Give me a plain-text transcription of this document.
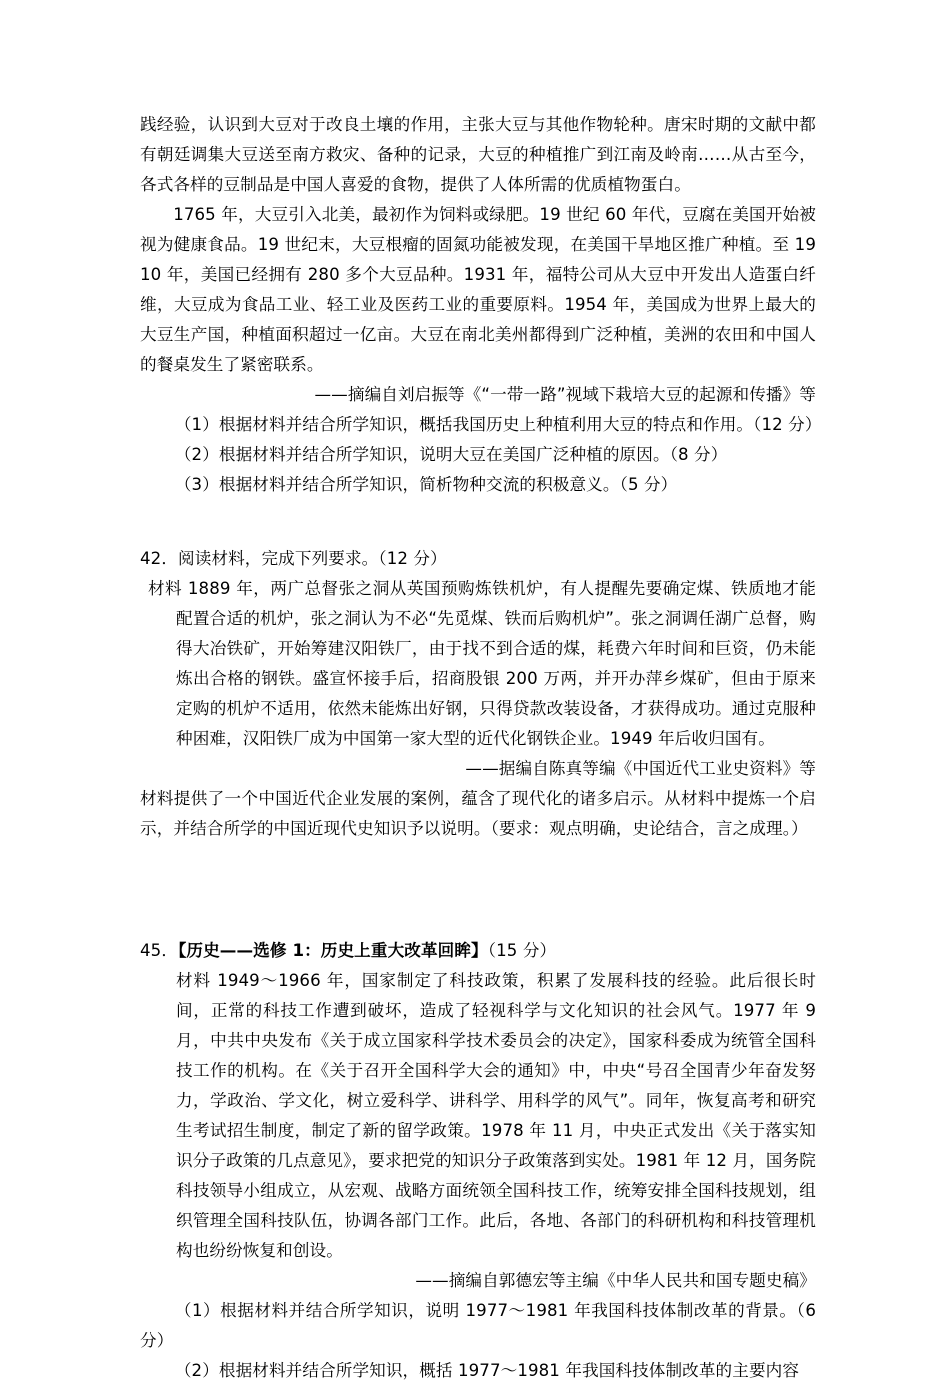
践经验，认识到大豆对于改良土壤的作用，主张大豆与其他作物轮种。唐宋时期的文献中都有朝廷调集大豆送至南方救灾、备种的记录，大豆的种植推广到江南及岭南……从古至今，各式各样的豆制品是中国人喜爱的食物，提供了人体所需的优质植物蛋白。

1765 年，大豆引入北美，最初作为饲料或绿肥。19 世纪 60 年代，豆腐在美国开始被视为健康食品。19 世纪末，大豆根瘤的固氮功能被发现，在美国干旱地区推广种植。至 1910 年，美国已经拥有 280 多个大豆品种。1931 年，福特公司从大豆中开发出人造蛋白纤维，大豆成为食品工业、轻工业及医药工业的重要原料。1954 年，美国成为世界上最大的大豆生产国，种植面积超过一亿亩。大豆在南北美州都得到广泛种植，美洲的农田和中国人的餐桌发生了紧密联系。

——摘编自刘启振等《“一带一路”视域下栽培大豆的起源和传播》等

（1）根据材料并结合所学知识，概括我国历史上种植利用大豆的特点和作用。（12 分）

（2）根据材料并结合所学知识，说明大豆在美国广泛种植的原因。（8 分）

（3）根据材料并结合所学知识，简析物种交流的积极意义。（5 分）

42．阅读材料，完成下列要求。（12 分）

材料 1889 年，两广总督张之洞从英国预购炼铁机炉，有人提醒先要确定煤、铁质地才能配置合适的机炉，张之洞认为不必“先觅煤、铁而后购机炉”。张之洞调任湖广总督，购得大冶铁矿，开始筹建汉阳铁厂，由于找不到合适的煤，耗费六年时间和巨资，仍未能炼出合格的钢铁。盛宣怀接手后，招商股银 200 万两，并开办萍乡煤矿，但由于原来定购的机炉不适用，依然未能炼出好钢，只得贷款改装设备，才获得成功。通过克服种种困难，汉阳铁厂成为中国第一家大型的近代化钢铁企业。1949 年后收归国有。

——据编自陈真等编《中国近代工业史资料》等

材料提供了一个中国近代企业发展的案例，蕴含了现代化的诸多启示。从材料中提炼一个启示，并结合所学的中国近现代史知识予以说明。（要求：观点明确，史论结合，言之成理。）

45．【历史——选修 1：历史上重大改革回眸】（15 分）

材料 1949～1966 年，国家制定了科技政策，积累了发展科技的经验。此后很长时间，正常的科技工作遭到破坏，造成了轻视科学与文化知识的社会风气。1977 年 9 月，中共中央发布《关于成立国家科学技术委员会的决定》，国家科委成为统管全国科技工作的机构。在《关于召开全国科学大会的通知》中，中央“号召全国青少年奋发努力，学政治、学文化，树立爱科学、讲科学、用科学的风气”。同年，恢复高考和研究生考试招生制度，制定了新的留学政策。1978 年 11 月，中央正式发出《关于落实知识分子政策的几点意见》，要求把党的知识分子政策落到实处。1981 年 12 月，国务院科技领导小组成立，从宏观、战略方面统领全国科技工作，统筹安排全国科技规划，组织管理全国科技队伍，协调各部门工作。此后，各地、各部门的科研机构和科技管理机构也纷纷恢复和创设。

——摘编自郭德宏等主编《中华人民共和国专题史稿》

（1）根据材料并结合所学知识，说明 1977～1981 年我国科技体制改革的背景。（6 分）

（2）根据材料并结合所学知识，概括 1977～1981 年我国科技体制改革的主要内容
